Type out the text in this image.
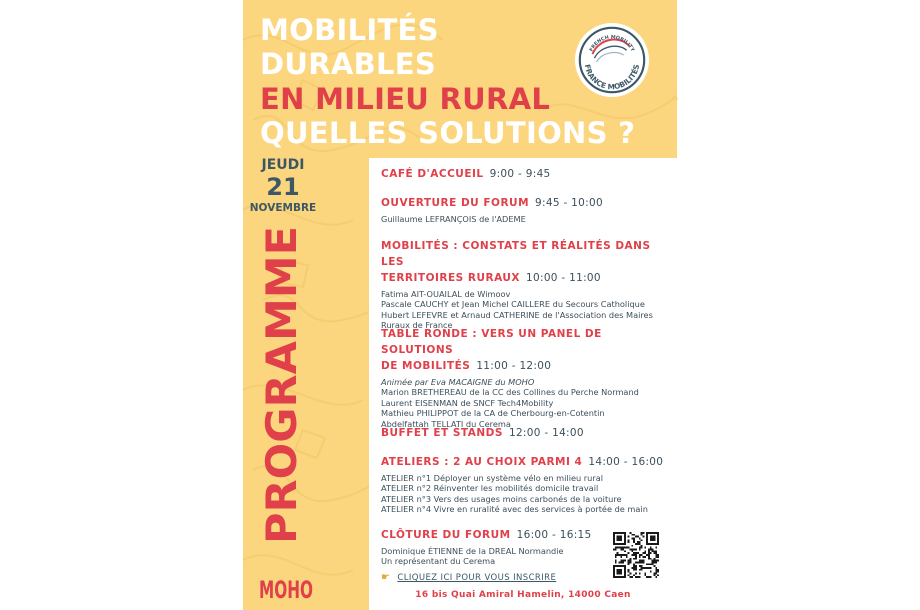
MOBILITÉS

DURABLES

EN MILIEU RURAL

QUELLES SOLUTIONS ?

FRENCH MOBILITY
FRANCE MOBILITÉS
JEUDI
21
NOVEMBRE
PROGRAMME
MOHO

CAFÉ D'ACCUEIL 9:00 - 9:45

OUVERTURE DU FORUM 9:45 - 10:00

Guillaume LEFRANÇOIS de l'ADEME

MOBILITÉS : CONSTATS ET RÉALITÉS DANS LES

TERRITOIRES RURAUX 10:00 - 11:00

Fatima AIT-OUAILAL de Wimoov

Pascale CAUCHY et Jean Michel CAILLERE du Secours Catholique

Hubert LEFEVRE et Arnaud CATHERINE de l'Association des Maires

Ruraux de France

TABLE RONDE : VERS UN PANEL DE SOLUTIONS

DE MOBILITÉS 11:00 - 12:00

Animée par Eva MACAIGNE du MOHO

Marion BRETHEREAU de la CC des Collines du Perche Normand

Laurent EISENMAN de SNCF Tech4Mobility

Mathieu PHILIPPOT de la CA de Cherbourg-en-Cotentin

Abdelfattah TELLATI du Cerema

BUFFET ET STANDS 12:00 - 14:00

ATELIERS : 2 AU CHOIX PARMI 4 14:00 - 16:00

ATELIER n°1 Déployer un système vélo en milieu rural

ATELIER n°2 Réinventer les mobilités domicile travail

ATELIER n°3 Vers des usages moins carbonés de la voiture

ATELIER n°4 Vivre en ruralité avec des services à portée de main

CLÔTURE DU FORUM 16:00 - 16:15

Dominique ÉTIENNE de la DREAL Normandie

Un représentant du Cerema

☛ CLIQUEZ ICI POUR VOUS INSCRIRE
16 bis Quai Amiral Hamelin, 14000 Caen
